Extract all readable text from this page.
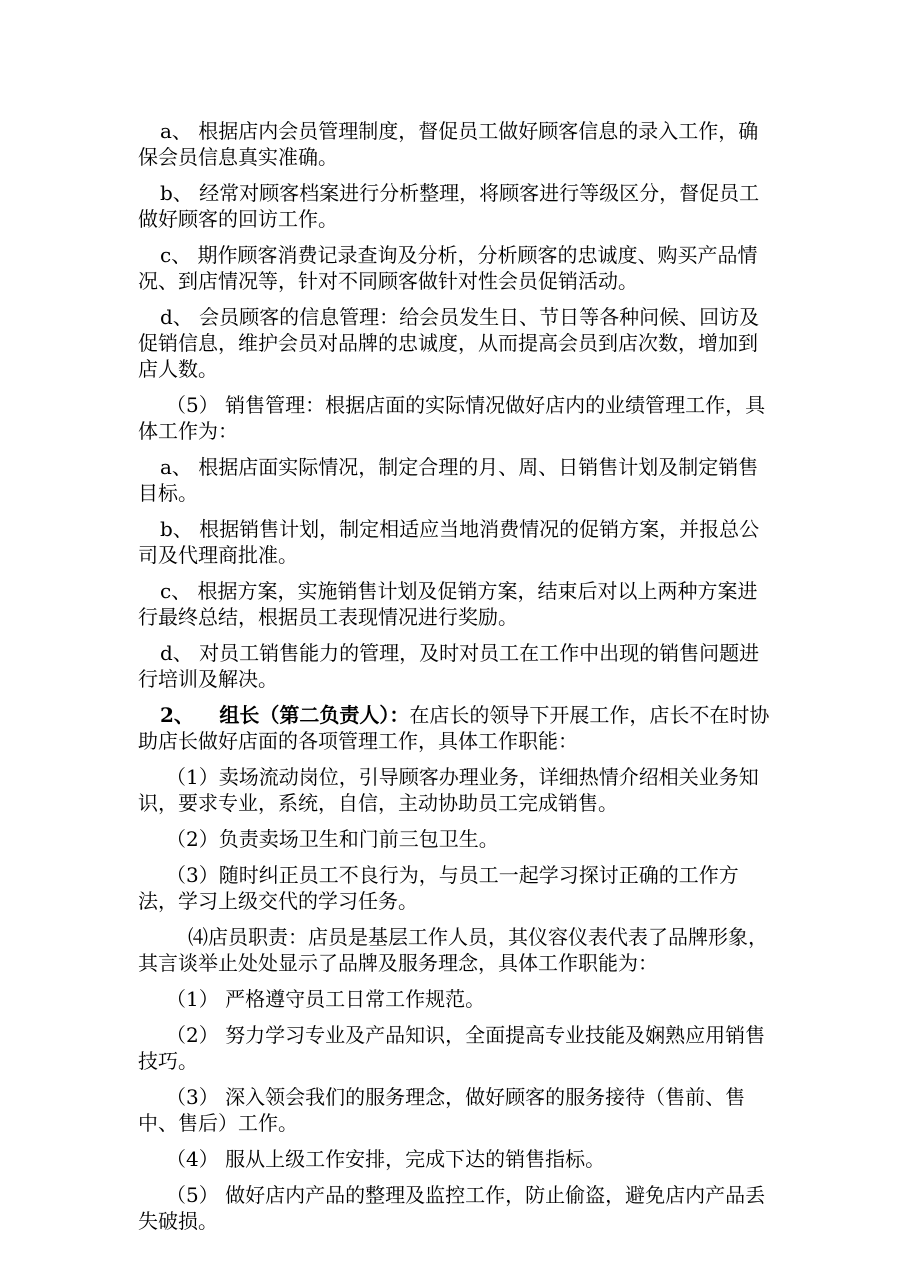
a、 根据店内会员管理制度，督促员工做好顾客信息的录入工作，确保会员信息真实准确。

b、 经常对顾客档案进行分析整理，将顾客进行等级区分，督促员工做好顾客的回访工作。

c、 期作顾客消费记录查询及分析，分析顾客的忠诚度、购买产品情况、到店情况等，针对不同顾客做针对性会员促销活动。

d、 会员顾客的信息管理：给会员发生日、节日等各种问候、回访及促销信息，维护会员对品牌的忠诚度，从而提高会员到店次数，增加到店人数。

（5） 销售管理：根据店面的实际情况做好店内的业绩管理工作，具体工作为：

a、 根据店面实际情况，制定合理的月、周、日销售计划及制定销售目标。

b、 根据销售计划，制定相适应当地消费情况的促销方案，并报总公司及代理商批准。

c、 根据方案，实施销售计划及促销方案，结束后对以上两种方案进行最终总结，根据员工表现情况进行奖励。

d、 对员工销售能力的管理，及时对员工在工作中出现的销售问题进行培训及解决。

2、 组长（第二负责人）：在店长的领导下开展工作，店长不在时协助店长做好店面的各项管理工作，具体工作职能：

（1）卖场流动岗位，引导顾客办理业务，详细热情介绍相关业务知识，要求专业，系统，自信，主动协助员工完成销售。

（2）负责卖场卫生和门前三包卫生。

（3）随时纠正员工不良行为，与员工一起学习探讨正确的工作方法，学习上级交代的学习任务。

⑷店员职责：店员是基层工作人员，其仪容仪表代表了品牌形象，其言谈举止处处显示了品牌及服务理念，具体工作职能为：

（1） 严格遵守员工日常工作规范。

（2） 努力学习专业及产品知识，全面提高专业技能及娴熟应用销售技巧。

（3） 深入领会我们的服务理念，做好顾客的服务接待（售前、售中、售后）工作。

（4） 服从上级工作安排，完成下达的销售指标。

（5） 做好店内产品的整理及监控工作，防止偷盗，避免店内产品丢失破损。
